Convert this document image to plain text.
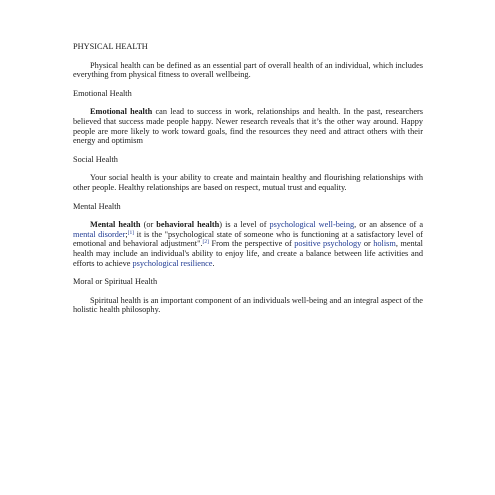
PHYSICAL HEALTH

Physical health can be defined as an essential part of overall health of an individual, which includes everything from physical fitness to overall wellbeing.

Emotional Health

Emotional health can lead to success in work, relationships and health. In the past, researchers believed that success made people happy. Newer research reveals that it’s the other way around. Happy people are more likely to work toward goals, find the resources they need and attract others with their energy and optimism

Social Health

Your social health is your ability to create and maintain healthy and flourishing relationships with other people. Healthy relationships are based on respect, mutual trust and equality.

Mental Health

Mental health (or behavioral health) is a level of psychological well-being, or an absence of a mental disorder;[1] it is the "psychological state of someone who is functioning at a satisfactory level of emotional and behavioral adjustment".[2] From the perspective of positive psychology or holism, mental health may include an individual's ability to enjoy life, and create a balance between life activities and efforts to achieve psychological resilience.

Moral or Spiritual Health

Spiritual health is an important component of an individuals well-being and an integral aspect of the holistic health philosophy.
